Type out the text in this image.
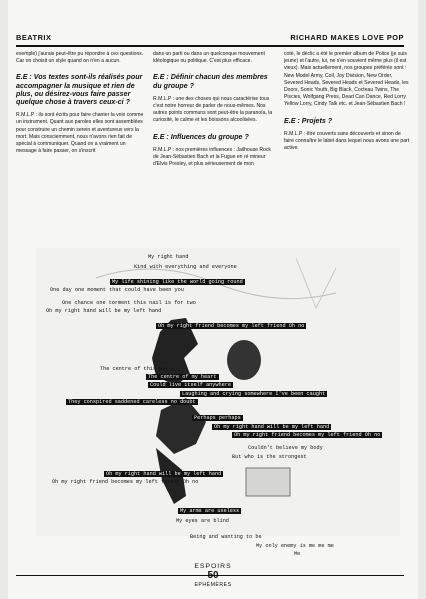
BEATRIX	RICHARD MAKES LOVE POP

exemple) j'aurais peut-être pu répondre à ces questions. Car on choisit un style quand on n'en a aucun.

E.E : Vos textes sont-ils réalisés pour accompagner la musique et rien de plus, ou désirez-vous faire passer quelque chose à travers ceux-ci ?

R.M.L.P : ils sont écrits pour faire chanter la voix comme un instrument. Quant aux paroles elles sont assemblées pour construire un chemin serein et aventureux vers la mort. Mais consciemment, nous n'avons rien fait de spécial à communiquer. Quand on a vraiment un message à faire passer, on s'inscrit

dans un parti ou dans un quelconque mouvement idéologique ou politique. C'est plus efficace.

E.E : Définir chacun des membres du groupe ?

R.M.L.P : une des choses qui nous caractérise tous c'est notre horreur de parler de nous-mêmes. Nos autres points communs sont peut-être la paranoïa, la curiosité, le calme et les boissons alcoolisées.

E.E : Influences du groupe ?

R.M.L.P : nos premières influences : Jailhouse Rock de Jean-Sébastien Bach et la Fugue en ré mineur d'Elvis Presley, et plus sérieusement de mon

coté, le déclic a été le premier album de Police (je suis jeune) et l'autre, lui, ne s'en souvient même plus (il est vieux). Mais actuellement, nos groupes préférés sont : New Model Army, Coil, Joy Division, New Order, Severed Heads, Severed Heads et Severed Heads, les Doors, Sonic Youth, Big Black, Cocteau Twins, The Piscies, Wolfgang Press, Dead Can Dance, Red Lorry Yellow Lorry, Cindy Talk etc. et Jean-Sébastien Bach !

E.E : Projets ?

R.M.L.P : être couverts sans découverts et sinon de faire connaître le label dans lequel nous avons une part active.

My right hand
Kind with everything and everyone
My life shining like the world going round
One day one moment that could have been you
One chance one torment this nail is for two
Oh my right hand will be my left hand
Oh my right friend becomes my left friend Oh no
The centre of this world
The centre of my heart
Could live itself anywhere
Laughing and crying somewhere I've been caught
They conspired saddened careless no doubt
Perhaps perhaps
Oh my right hand will be my left hand
Oh my right friend becomes my left friend Oh no
Couldn't believe my body
But who is the strongest
Oh my right hand will be my left hand
Oh my right friend becomes my left friend Oh no
My arms are useless
My eyes are blind
Being and wanting to be
My only enemy is me me me
Me
ESPOIRS
50
EPHÉMÈRES
